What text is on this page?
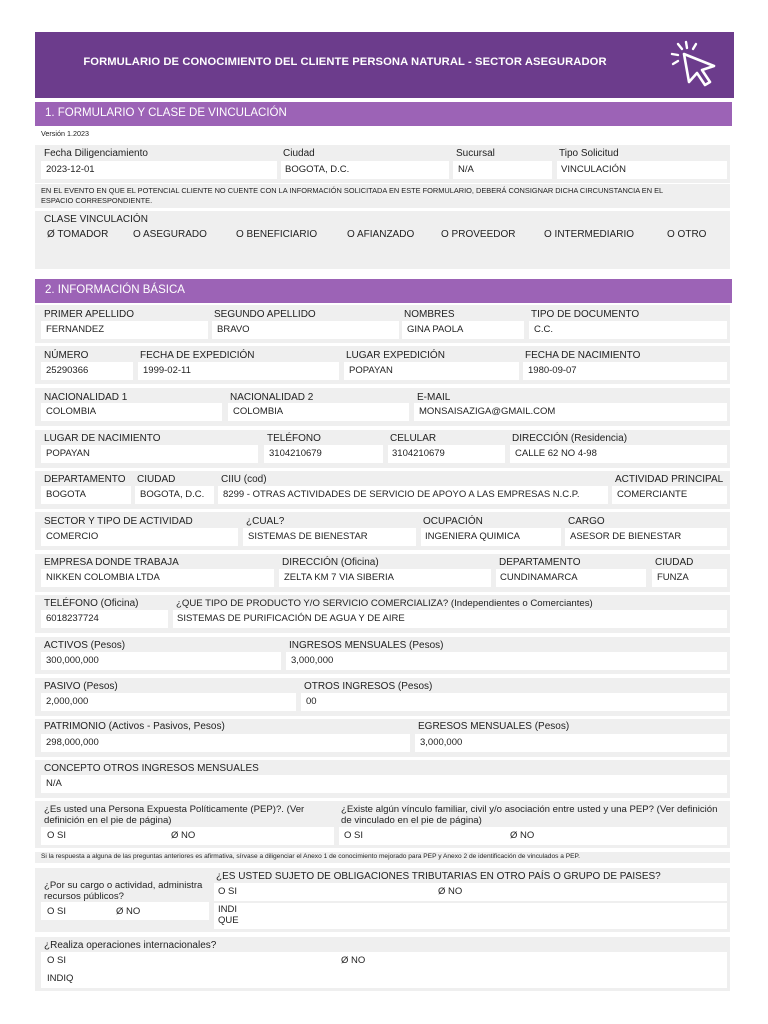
FORMULARIO DE CONOCIMIENTO DEL CLIENTE PERSONA NATURAL - SECTOR ASEGURADOR
1. FORMULARIO Y CLASE DE VINCULACIÓN
Versión 1.2023
Fecha Diligenciamiento
2023-12-01
Ciudad
BOGOTA, D.C.
Sucursal
N/A
Tipo Solicitud
VINCULACIÓN
EN EL EVENTO EN QUE EL POTENCIAL CLIENTE NO CUENTE CON LA INFORMACIÓN SOLICITADA EN ESTE FORMULARIO, DEBERÁ CONSIGNAR DICHA CIRCUNSTANCIA EN EL
ESPACIO CORRESPONDIENTE.
CLASE VINCULACIÓN
Ø TOMADOR O ASEGURADO	O BENEFICIARIO	O AFIANZADO	O PROVEEDOR	O INTERMEDIARIO	O OTRO
2. INFORMACIÓN BÁSICA
PRIMER APELLIDO
FERNANDEZ
SEGUNDO APELLIDO
BRAVO
NOMBRES
GINA PAOLA
TIPO DE DOCUMENTO
C.C.
NÚMERO
25290366
FECHA DE EXPEDICIÓN
1999-02-11
LUGAR EXPEDICIÓN
POPAYAN
FECHA DE NACIMIENTO
1980-09-07
NACIONALIDAD 1
COLOMBIA
NACIONALIDAD 2
COLOMBIA
E-MAIL
MONSAISAZIGA@GMAIL.COM
LUGAR DE NACIMIENTO
POPAYAN
TELÉFONO
3104210679
CELULAR
3104210679
DIRECCIÓN (Residencia)
CALLE 62 NO 4-98
DEPARTAMENTO
BOGOTA
CIUDAD
BOGOTA, D.C.
CIIU (cod)
8299 - OTRAS ACTIVIDADES DE SERVICIO DE APOYO A LAS EMPRESAS N.C.P.
ACTIVIDAD PRINCIPAL
COMERCIANTE
SECTOR Y TIPO DE ACTIVIDAD
COMERCIO
¿CUAL?
SISTEMAS DE BIENESTAR
OCUPACIÓN
INGENIERA QUIMICA
CARGO
ASESOR DE BIENESTAR
EMPRESA DONDE TRABAJA
NIKKEN COLOMBIA LTDA
DIRECCIÓN (Oficina)
ZELTA KM 7 VIA SIBERIA
DEPARTAMENTO
CUNDINAMARCA
CIUDAD
FUNZA
TELÉFONO (Oficina)
6018237724
¿QUE TIPO DE PRODUCTO Y/O SERVICIO COMERCIALIZA? (Independientes o Comerciantes)
SISTEMAS DE PURIFICACIÓN DE AGUA Y DE AIRE
ACTIVOS (Pesos)
300,000,000
INGRESOS MENSUALES (Pesos)
3,000,000
PASIVO (Pesos)
2,000,000
OTROS INGRESOS (Pesos)
00
PATRIMONIO (Activos - Pasivos, Pesos)
298,000,000
EGRESOS MENSUALES (Pesos)
3,000,000
CONCEPTO OTROS INGRESOS MENSUALES
N/A
¿Es usted una Persona Expuesta Políticamente (PEP)?. (Ver
definición en el pie de página)
O SI	Ø NO
¿Existe algún vínculo familiar, civil y/o asociación entre usted y una PEP? (Ver definición
de vinculado en el pie de página)
O SI	Ø NO
Si la respuesta a alguna de las preguntas anteriores es afirmativa, sírvase a diligenciar el Anexo 1 de conocimiento mejorado para PEP y Anexo 2 de identificación de vinculados a PEP.
¿Por su cargo o actividad, administra
recursos públicos?
O SI	Ø NO
¿ES USTED SUJETO DE OBLIGACIONES TRIBUTARIAS EN OTRO PAÍS O GRUPO DE PAISES?
O SI	Ø NO
INDI
QUE
¿Realiza operaciones internacionales?
O SI	Ø NO
INDIQ
